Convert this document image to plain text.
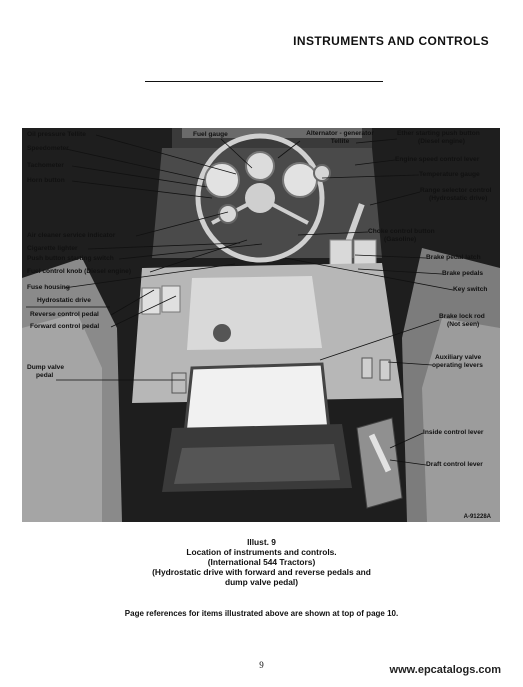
INSTRUMENTS AND CONTROLS
Oil pressure Tellite
Speedometer
Tachometer
Horn button
Air cleaner service indicator
Cigarette lighter
Push button starting switch
Fuel control knob (Diesel engine)
Fuse housing
Hydrostatic drive
Reverse control pedal
Forward control pedal
Dump valve
pedal
Fuel gauge	Alternator - generator
Tellite
Ether starting push button
(Diesel engine)
Engine speed control lever
Temperature gauge
Range selector control
(Hydrostatic drive)
Choke control button
(Gasoline)
Brake pedal latch
Brake pedals
Key switch
Brake lock rod
(Not seen)
Auxiliary valve
operating levers
Inside control lever
Draft control lever
A-91228A
Illust. 9
Location of instruments and controls.
(International 544 Tractors)
(Hydrostatic drive with forward and reverse pedals and
dump valve pedal)
Page references for items illustrated above are shown at top of page 10.
9	www.epcatalogs.com
